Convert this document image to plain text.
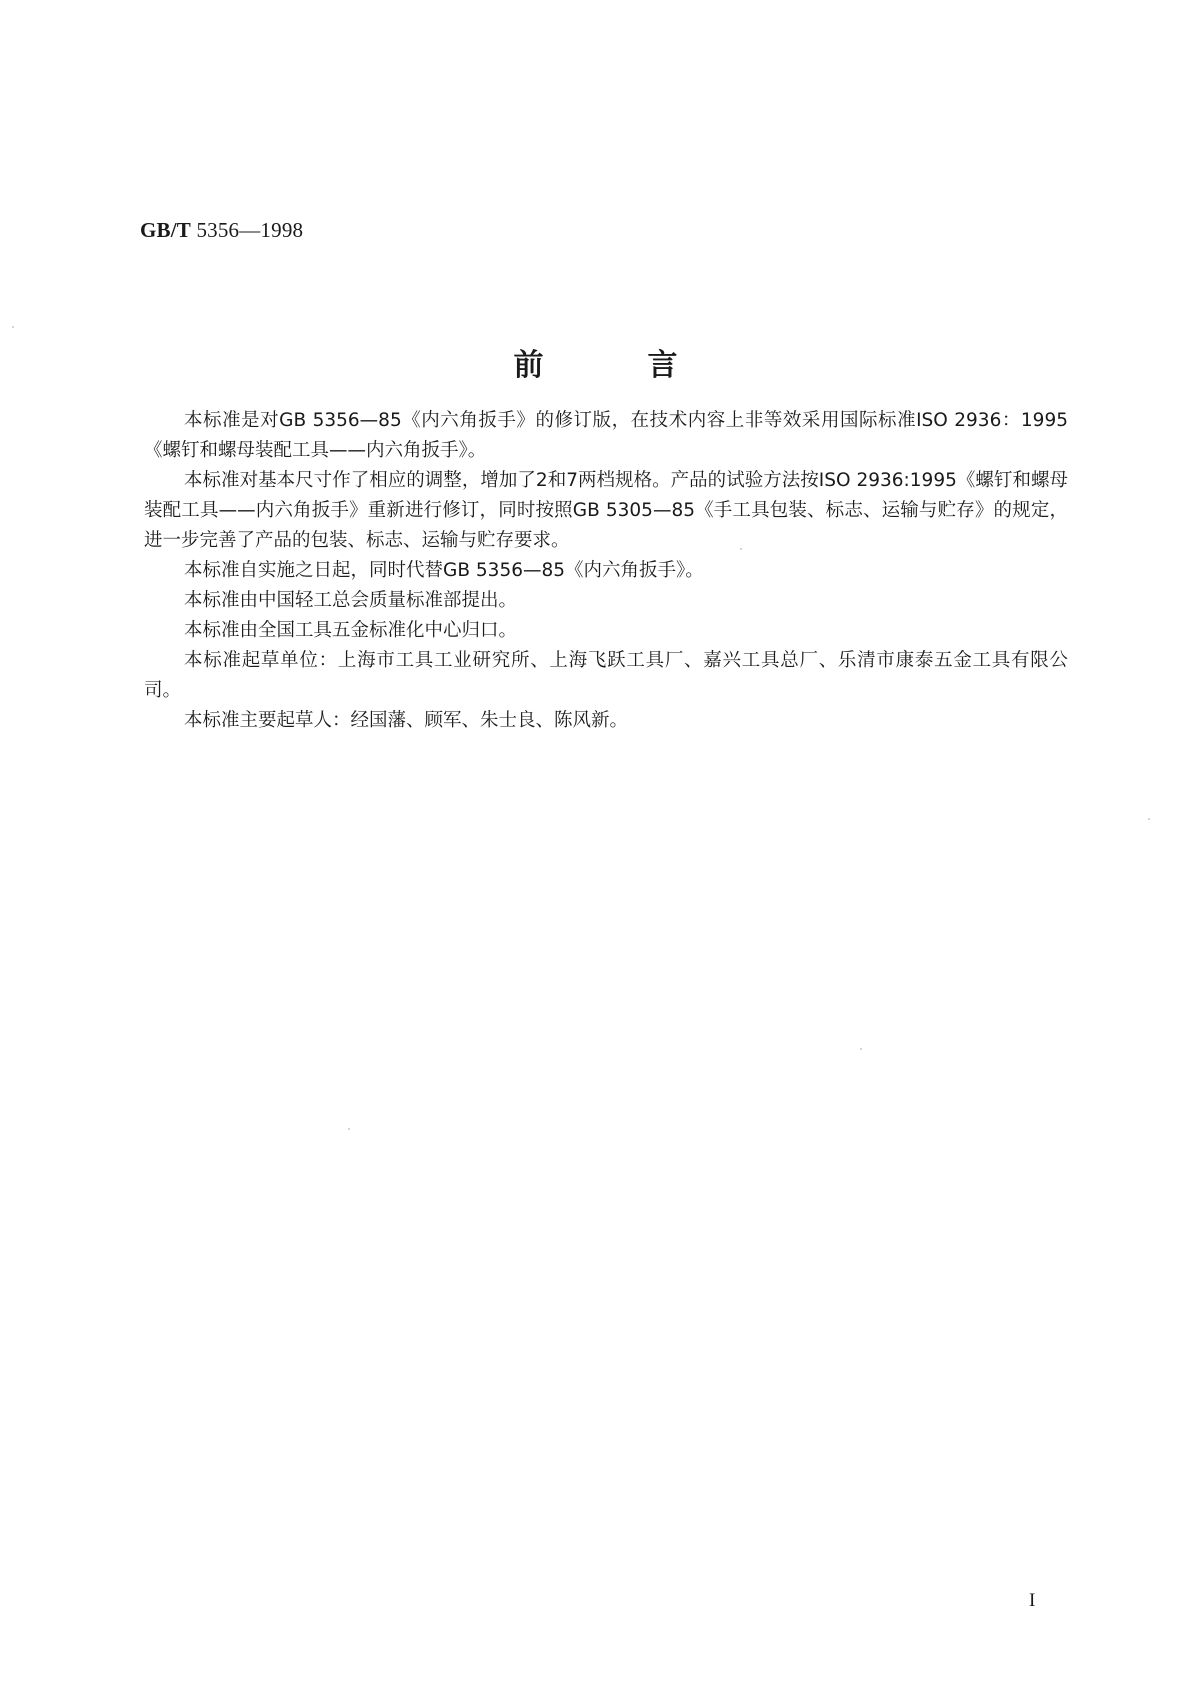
GB/T 5356—1998
前言

本标准是对GB 5356—85《内六角扳手》的修订版，在技术内容上非等效采用国际标准ISO 2936：1995《螺钉和螺母装配工具——内六角扳手》。

本标准对基本尺寸作了相应的调整，增加了2和7两档规格。产品的试验方法按ISO 2936:1995《螺钉和螺母装配工具——内六角扳手》重新进行修订，同时按照GB 5305—85《手工具包装、标志、运输与贮存》的规定，进一步完善了产品的包装、标志、运输与贮存要求。

本标准自实施之日起，同时代替GB 5356—85《内六角扳手》。

本标准由中国轻工总会质量标准部提出。

本标准由全国工具五金标准化中心归口。

本标准起草单位：上海市工具工业研究所、上海飞跃工具厂、嘉兴工具总厂、乐清市康泰五金工具有限公司。

本标准主要起草人：经国藩、顾军、朱士良、陈风新。

I
